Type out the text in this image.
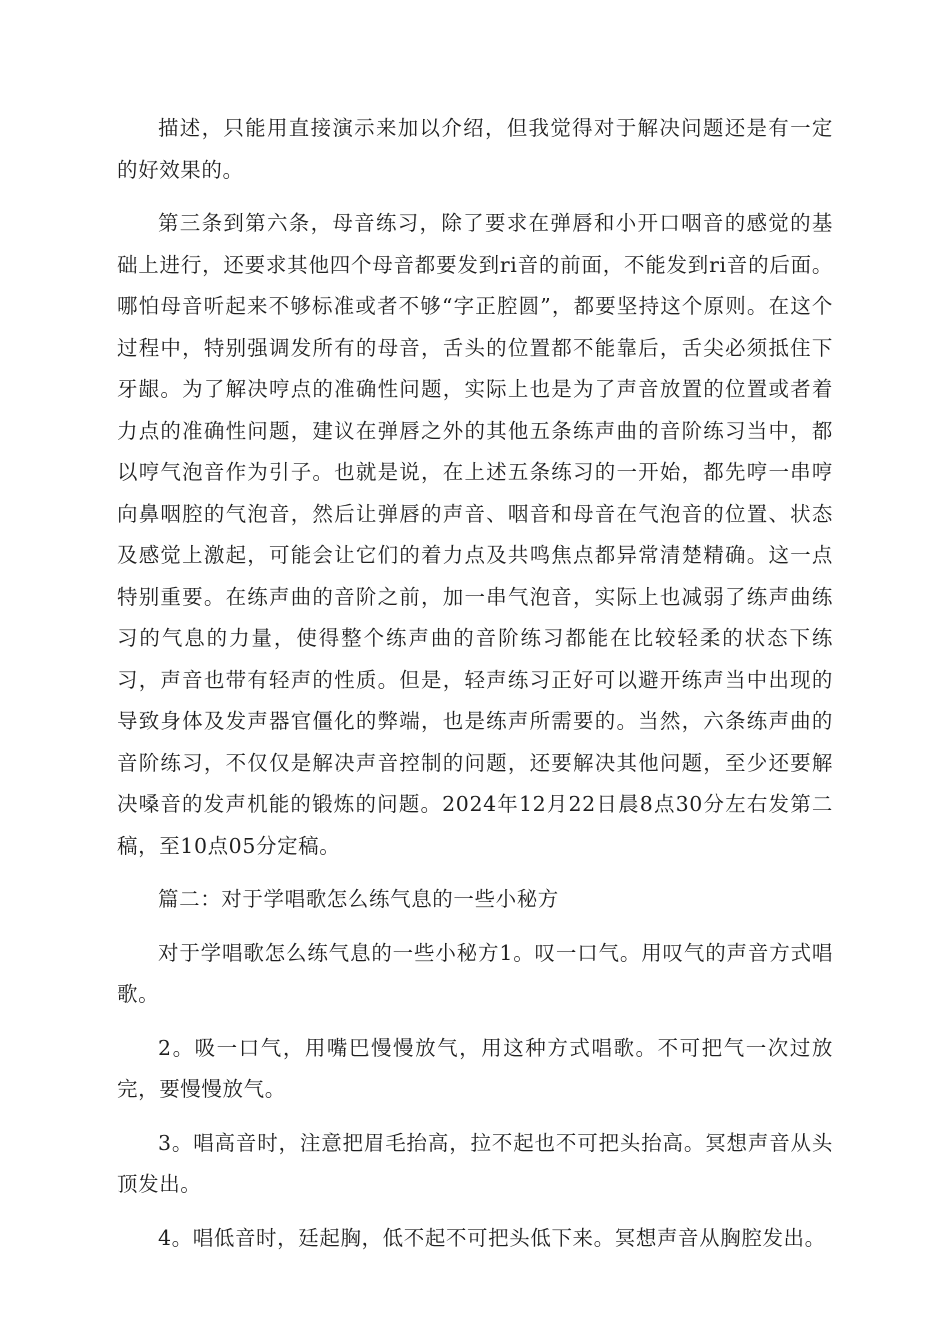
描述，只能用直接演示来加以介绍，但我觉得对于解决问题还是有一定的好效果的。

第三条到第六条，母音练习，除了要求在弹唇和小开口咽音的感觉的基础上进行，还要求其他四个母音都要发到ri音的前面，不能发到ri音的后面。哪怕母音听起来不够标准或者不够“字正腔圆”，都要坚持这个原则。在这个过程中，特别强调发所有的母音，舌头的位置都不能靠后，舌尖必须抵住下牙龈。为了解决哼点的准确性问题，实际上也是为了声音放置的位置或者着力点的准确性问题，建议在弹唇之外的其他五条练声曲的音阶练习当中，都以哼气泡音作为引子。也就是说，在上述五条练习的一开始，都先哼一串哼向鼻咽腔的气泡音，然后让弹唇的声音、咽音和母音在气泡音的位置、状态及感觉上激起，可能会让它们的着力点及共鸣焦点都异常清楚精确。这一点特别重要。在练声曲的音阶之前，加一串气泡音，实际上也减弱了练声曲练习的气息的力量，使得整个练声曲的音阶练习都能在比较轻柔的状态下练习，声音也带有轻声的性质。但是，轻声练习正好可以避开练声当中出现的导致身体及发声器官僵化的弊端，也是练声所需要的。当然，六条练声曲的音阶练习，不仅仅是解决声音控制的问题，还要解决其他问题，至少还要解决嗓音的发声机能的锻炼的问题。2024年12月22日晨8点30分左右发第二稿，至10点05分定稿。

篇二：对于学唱歌怎么练气息的一些小秘方

对于学唱歌怎么练气息的一些小秘方1。叹一口气。用叹气的声音方式唱歌。

2。吸一口气，用嘴巴慢慢放气，用这种方式唱歌。不可把气一次过放完，要慢慢放气。

3。唱高音时，注意把眉毛抬高，拉不起也不可把头抬高。冥想声音从头顶发出。

4。唱低音时，廷起胸，低不起不可把头低下来。冥想声音从胸腔发出。
